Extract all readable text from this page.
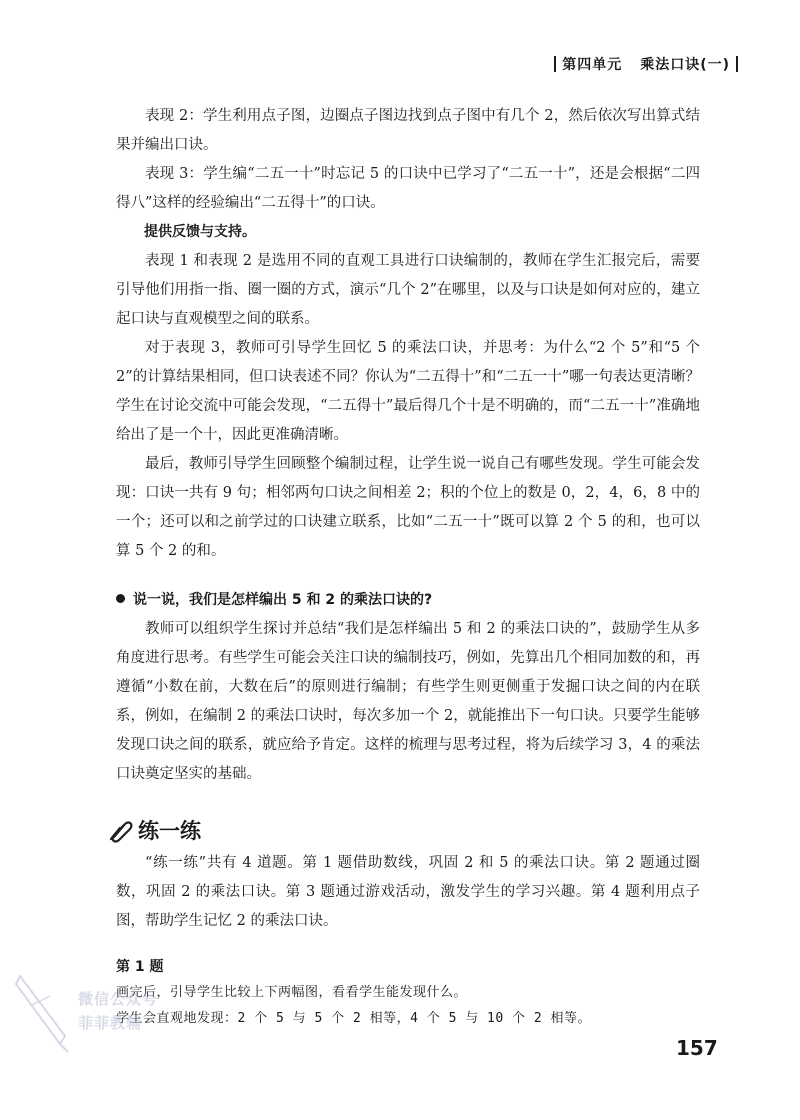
第四单元 乘法口诀(一)

表现 2：学生利用点子图，边圈点子图边找到点子图中有几个 2，然后依次写出算式结果并编出口诀。

表现 3：学生编“二五一十”时忘记 5 的口诀中已学习了“二五一十”，还是会根据“二四得八”这样的经验编出“二五得十”的口诀。

提供反馈与支持。

表现 1 和表现 2 是选用不同的直观工具进行口诀编制的，教师在学生汇报完后，需要引导他们用指一指、圈一圈的方式，演示“几个 2”在哪里，以及与口诀是如何对应的，建立起口诀与直观模型之间的联系。

对于表现 3，教师可引导学生回忆 5 的乘法口诀，并思考：为什么“2 个 5”和“5 个 2”的计算结果相同，但口诀表述不同？你认为“二五得十”和“二五一十”哪一句表达更清晰？学生在讨论交流中可能会发现，“二五得十”最后得几个十是不明确的，而“二五一十”准确地给出了是一个十，因此更准确清晰。

最后，教师引导学生回顾整个编制过程，让学生说一说自己有哪些发现。学生可能会发现：口诀一共有 9 句；相邻两句口诀之间相差 2；积的个位上的数是 0，2，4，6，8 中的一个；还可以和之前学过的口诀建立联系，比如“二五一十”既可以算 2 个 5 的和，也可以算 5 个 2 的和。

说一说，我们是怎样编出 5 和 2 的乘法口诀的?

教师可以组织学生探讨并总结“我们是怎样编出 5 和 2 的乘法口诀的”，鼓励学生从多角度进行思考。有些学生可能会关注口诀的编制技巧，例如，先算出几个相同加数的和，再遵循“小数在前，大数在后”的原则进行编制；有些学生则更侧重于发掘口诀之间的内在联系，例如，在编制 2 的乘法口诀时，每次多加一个 2，就能推出下一句口诀。只要学生能够发现口诀之间的联系，就应给予肯定。这样的梳理与思考过程，将为后续学习 3，4 的乘法口诀奠定坚实的基础。

练一练

“练一练”共有 4 道题。第 1 题借助数线，巩固 2 和 5 的乘法口诀。第 2 题通过圈数，巩固 2 的乘法口诀。第 3 题通过游戏活动，激发学生的学习兴趣。第 4 题利用点子图，帮助学生记忆 2 的乘法口诀。

第 1 题

画完后，引导学生比较上下两幅图，看看学生能发现什么。

学生会直观地发现：2 个 5 与 5 个 2 相等，4 个 5 与 10 个 2 相等。

微信公众号
菲菲教辅
157
